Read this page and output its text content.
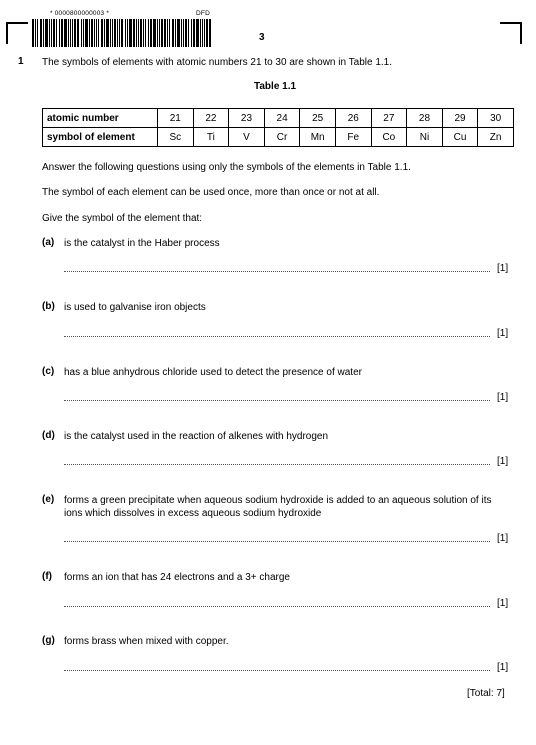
* 0000800000003 *	DFD
3
1 The symbols of elements with atomic numbers 21 to 30 are shown in Table 1.1.
Table 1.1
atomic number	21	22	23	24	25	26	27	28	29	30
symbol of element	Sc	Ti	V	Cr	Mn	Fe	Co	Ni	Cu	Zn
Answer the following questions using only the symbols of the elements in Table 1.1.
The symbol of each element can be used once, more than once or not at all.
Give the symbol of the element that:
(a) is the catalyst in the Haber process
[1]
(b) is used to galvanise iron objects
[1]
(c) has a blue anhydrous chloride used to detect the presence of water
[1]
(d) is the catalyst used in the reaction of alkenes with hydrogen
[1]
(e) forms a green precipitate when aqueous sodium hydroxide is added to an aqueous solution of its ions which dissolves in excess aqueous sodium hydroxide
[1]
(f) forms an ion that has 24 electrons and a 3+ charge
[1]
(g) forms brass when mixed with copper.
[1]
[Total: 7]
